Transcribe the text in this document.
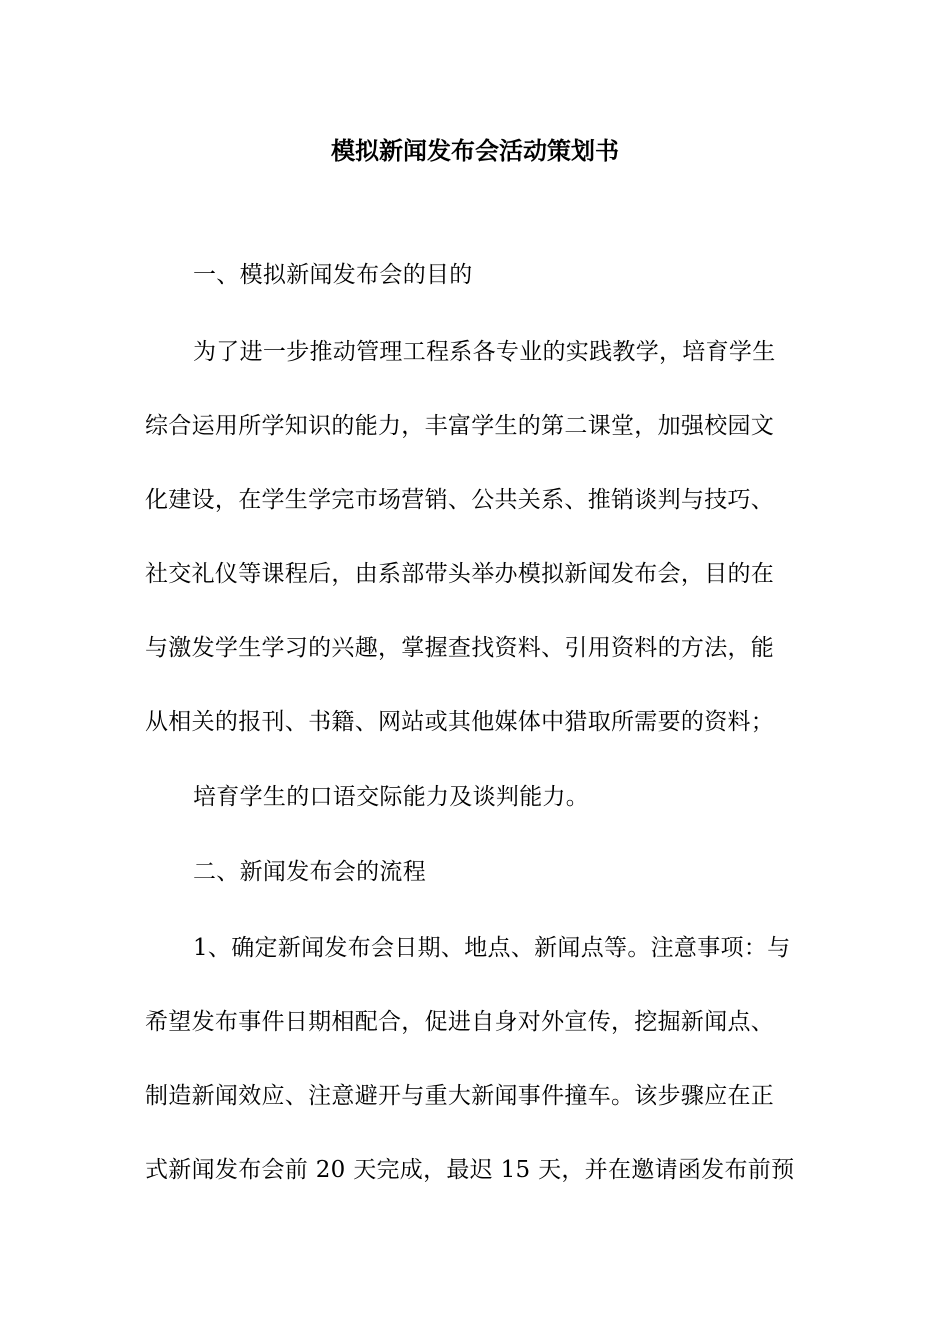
模拟新闻发布会活动策划书
一、模拟新闻发布会的目的
为了进一步推动管理工程系各专业的实践教学，培育学生
综合运用所学知识的能力，丰富学生的第二课堂，加强校园文
化建设，在学生学完市场营销、公共关系、推销谈判与技巧、
社交礼仪等课程后，由系部带头举办模拟新闻发布会，目的在
与激发学生学习的兴趣，掌握查找资料、引用资料的方法，能
从相关的报刊、书籍、网站或其他媒体中猎取所需要的资料；
培育学生的口语交际能力及谈判能力。
二、新闻发布会的流程
1、确定新闻发布会日期、地点、新闻点等。注意事项：与
希望发布事件日期相配合，促进自身对外宣传，挖掘新闻点、
制造新闻效应、注意避开与重大新闻事件撞车。该步骤应在正
式新闻发布会前 20 天完成，最迟 15 天，并在邀请函发布前预
